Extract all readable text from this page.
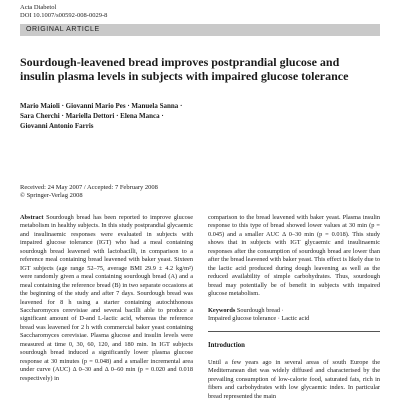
Acta Diabetol
DOI 10.1007/s00592-008-0029-8
ORIGINAL ARTICLE
Sourdough-leavened bread improves postprandial glucose and insulin plasma levels in subjects with impaired glucose tolerance
Mario Maioli · Giovanni Mario Pes · Manuela Sanna ·
Sara Cherchi · Mariella Dettori · Elena Manca ·
Giovanni Antonio Farris
Received: 24 May 2007 / Accepted: 7 February 2008
© Springer-Verlag 2008

Abstract Sourdough bread has been reported to improve glucose metabolism in healthy subjects. In this study postprandial glycaemic and insulinaemic responses were evaluated in subjects with impaired glucose tolerance (IGT) who had a meal containing sourdough bread leavened with lactobacilli, in comparison to a reference meal containing bread leavened with baker yeast. Sixteen IGT subjects (age range 52–75, average BMI 29.9 ± 4.2 kg/m²) were randomly given a meal containing sourdough bread (A) and a meal containing the reference bread (B) in two separate occasions at the beginning of the study and after 7 days. Sourdough bread was leavened for 8 h using a starter containing autochthonous Saccharomyces cerevisiae and several bacilli able to produce a significant amount of D-and L-lactic acid, whereas the reference bread was leavened for 2 h with commercial baker yeast containing Saccharomyces cerevisiae. Plasma glucose and insulin levels were measured at time 0, 30, 60, 120, and 180 min. In IGT subjects sourdough bread induced a significantly lower plasma glucose response at 30 minutes (p = 0.048) and a smaller incremental area under curve (AUC) Δ 0–30 and Δ 0–60 min (p = 0.020 and 0.018 respectively) in

comparison to the bread leavened with baker yeast. Plasma insulin response to this type of bread showed lower values at 30 min (p = 0.045) and a smaller AUC Δ 0–30 min (p = 0.018). This study shows that in subjects with IGT glycaemic and insulinaemic responses after the consumption of sourdough bread are lower than after the bread leavened with baker yeast. This effect is likely due to the lactic acid produced during dough leavening as well as the reduced availability of simple carbohydrates. Thus, sourdough bread may potentially be of benefit in subjects with impaired glucose metabolism.

Keywords Sourdough bread ·
Impaired glucose tolerance · Lactic acid
Introduction

Until a few years ago in several areas of south Europe the Mediterranean diet was widely diffused and characterised by the prevailing consumption of low-calorie food, saturated fats, rich in fibers and carbohydrates with low glycaemic index. In particular bread represented the main
